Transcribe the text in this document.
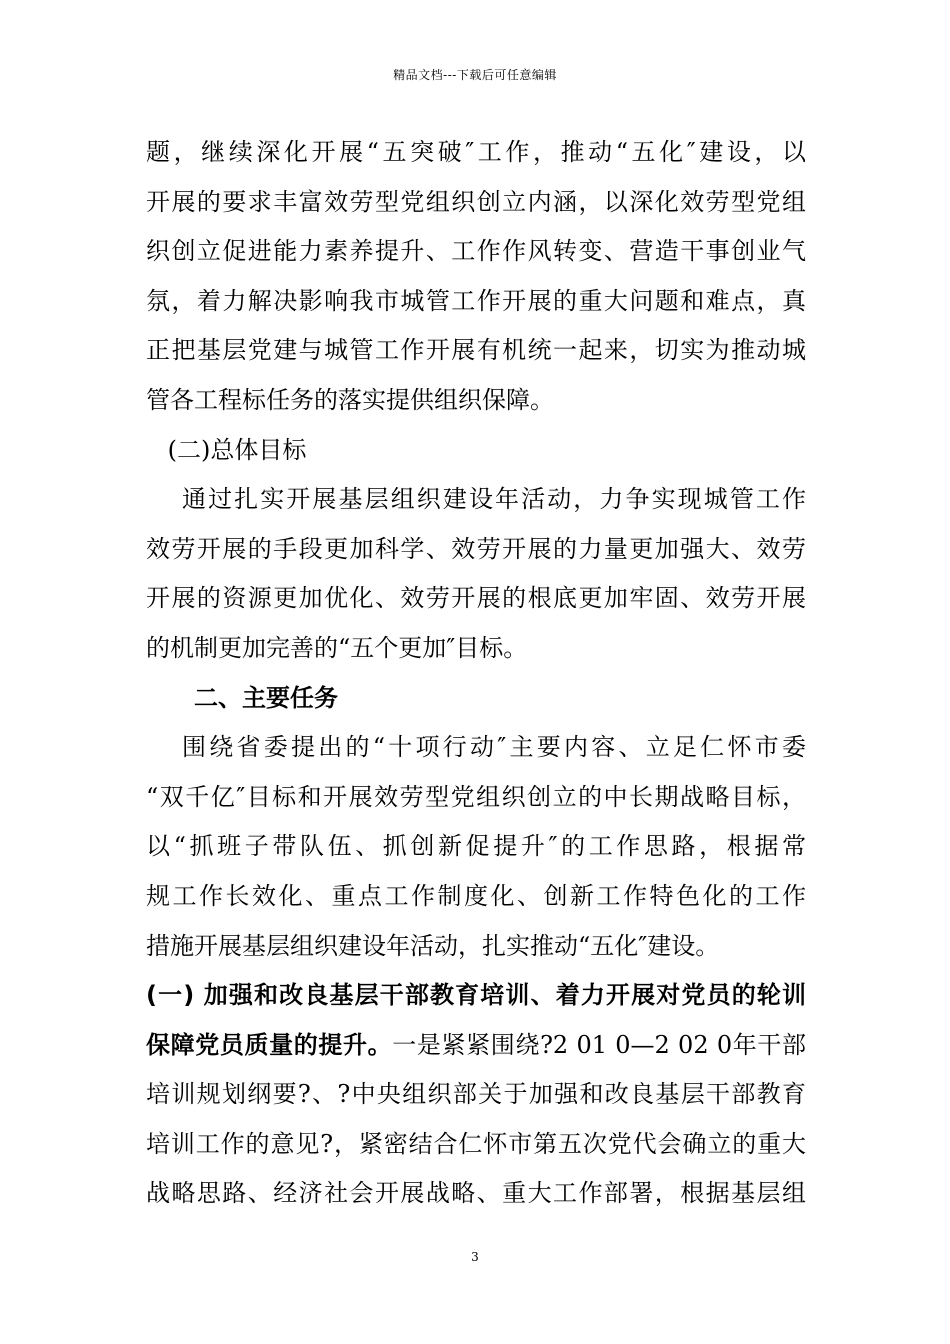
精品文档---下载后可任意编辑

题，继续深化开展“五突破″工作，推动“五化″建设，以

开展的要求丰富效劳型党组织创立内涵，以深化效劳型党组

织创立促进能力素养提升、工作作风转变、营造干事创业气

氛，着力解决影响我市城管工作开展的重大问题和难点，真

正把基层党建与城管工作开展有机统一起来，切实为推动城

管各工程标任务的落实提供组织保障。

(二)总体目标

通过扎实开展基层组织建设年活动，力争实现城管工作

效劳开展的手段更加科学、效劳开展的力量更加强大、效劳

开展的资源更加优化、效劳开展的根底更加牢固、效劳开展

的机制更加完善的“五个更加″目标。

二、主要任务

围绕省委提出的“十项行动″主要内容、立足仁怀市委

“双千亿″目标和开展效劳型党组织创立的中长期战略目标，

以“抓班子带队伍、抓创新促提升″的工作思路，根据常

规工作长效化、重点工作制度化、创新工作特色化的工作

措施开展基层组织建设年活动，扎实推动“五化″建设。

(一) 加强和改良基层干部教育培训、着力开展对党员的轮训

保障党员质量的提升。一是紧紧围绕?2 01 0—2 02 0年干部

培训规划纲要?、?中央组织部关于加强和改良基层干部教育

培训工作的意见?，紧密结合仁怀市第五次党代会确立的重大

战略思路、经济社会开展战略、重大工作部署，根据基层组

3
